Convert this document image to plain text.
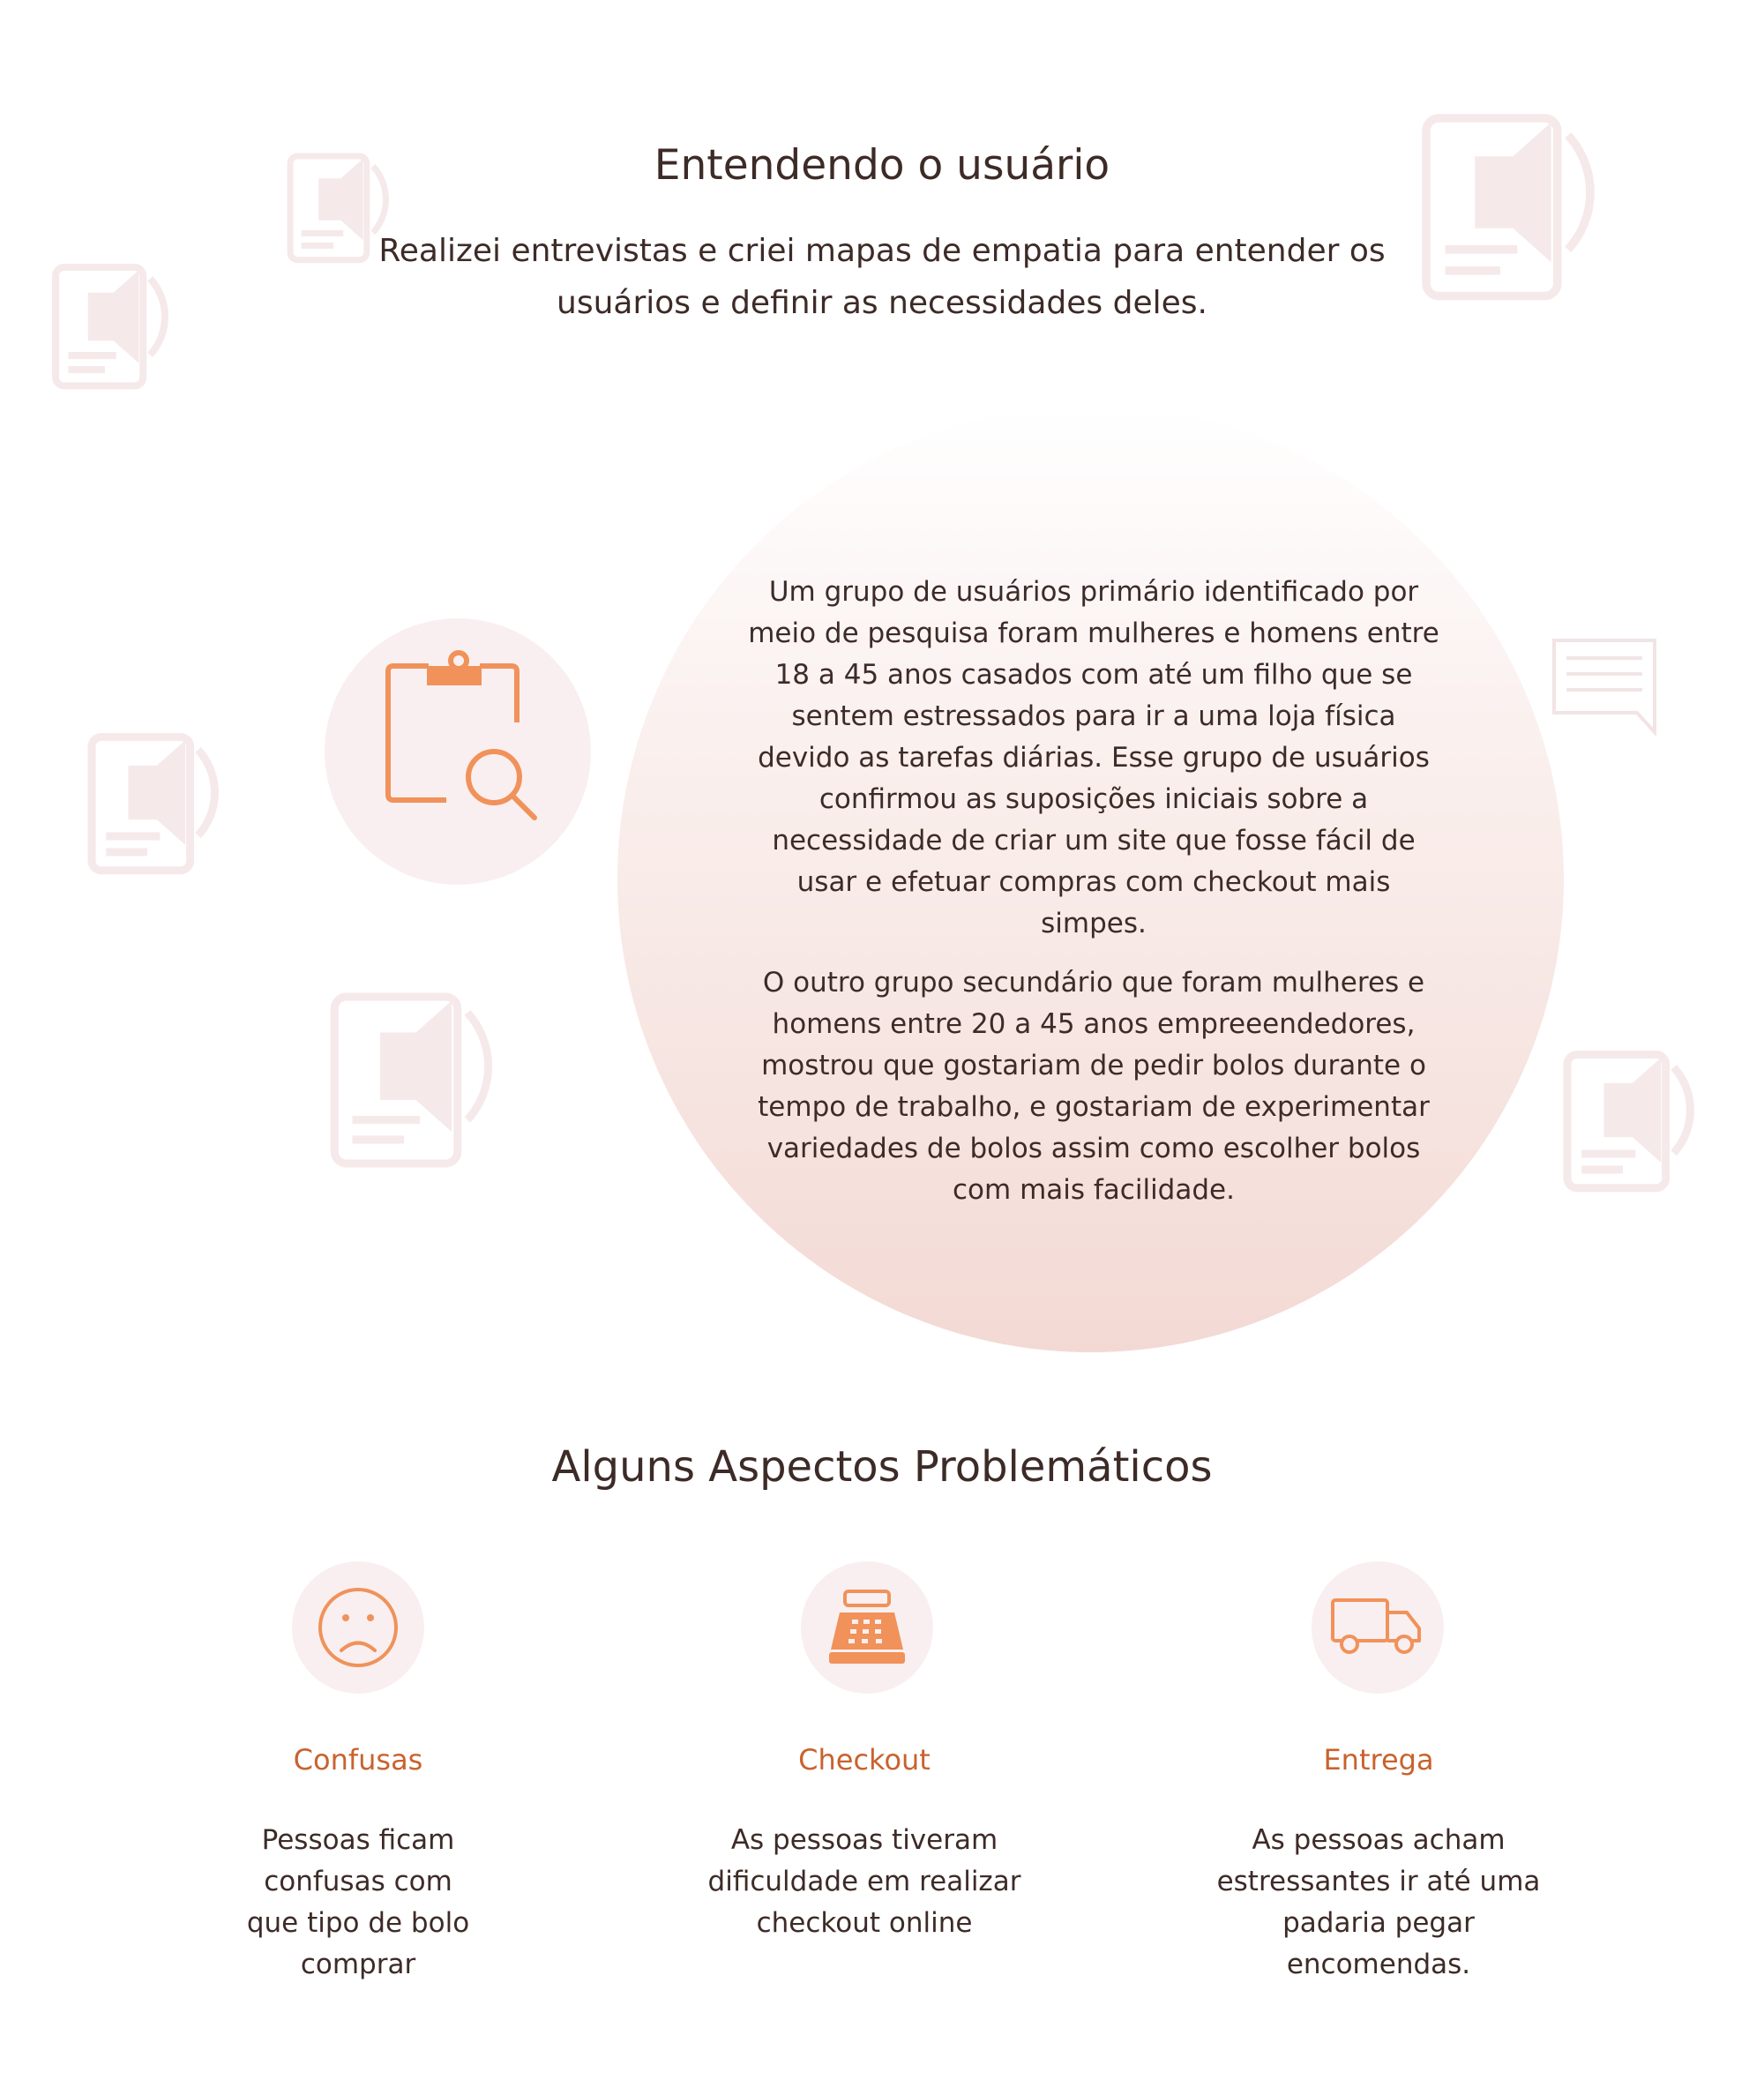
Entendendo o usuário
Realizei entrevistas e criei mapas de empatia para entender os usuários e definir as necessidades deles.

Um grupo de usuários primário identificado por meio de pesquisa foram mulheres e homens entre 18 a 45 anos casados com até um filho que se sentem estressados para ir a uma loja física devido as tarefas diárias. Esse grupo de usuários confirmou as suposições iniciais sobre a necessidade de criar um site que fosse fácil de usar e efetuar compras com checkout mais simpes.

O outro grupo secundário que foram mulheres e homens entre 20 a 45 anos empreeendedores, mostrou que gostariam de pedir bolos durante o tempo de trabalho, e gostariam de experimentar variedades de bolos assim como escolher bolos com mais facilidade.

Alguns Aspectos Problemáticos
Confusas

Pessoas ficam confusas com que tipo de bolo comprar

Checkout

As pessoas tiveram dificuldade em realizar checkout online

Entrega

As pessoas acham estressantes ir até uma padaria pegar encomendas.
